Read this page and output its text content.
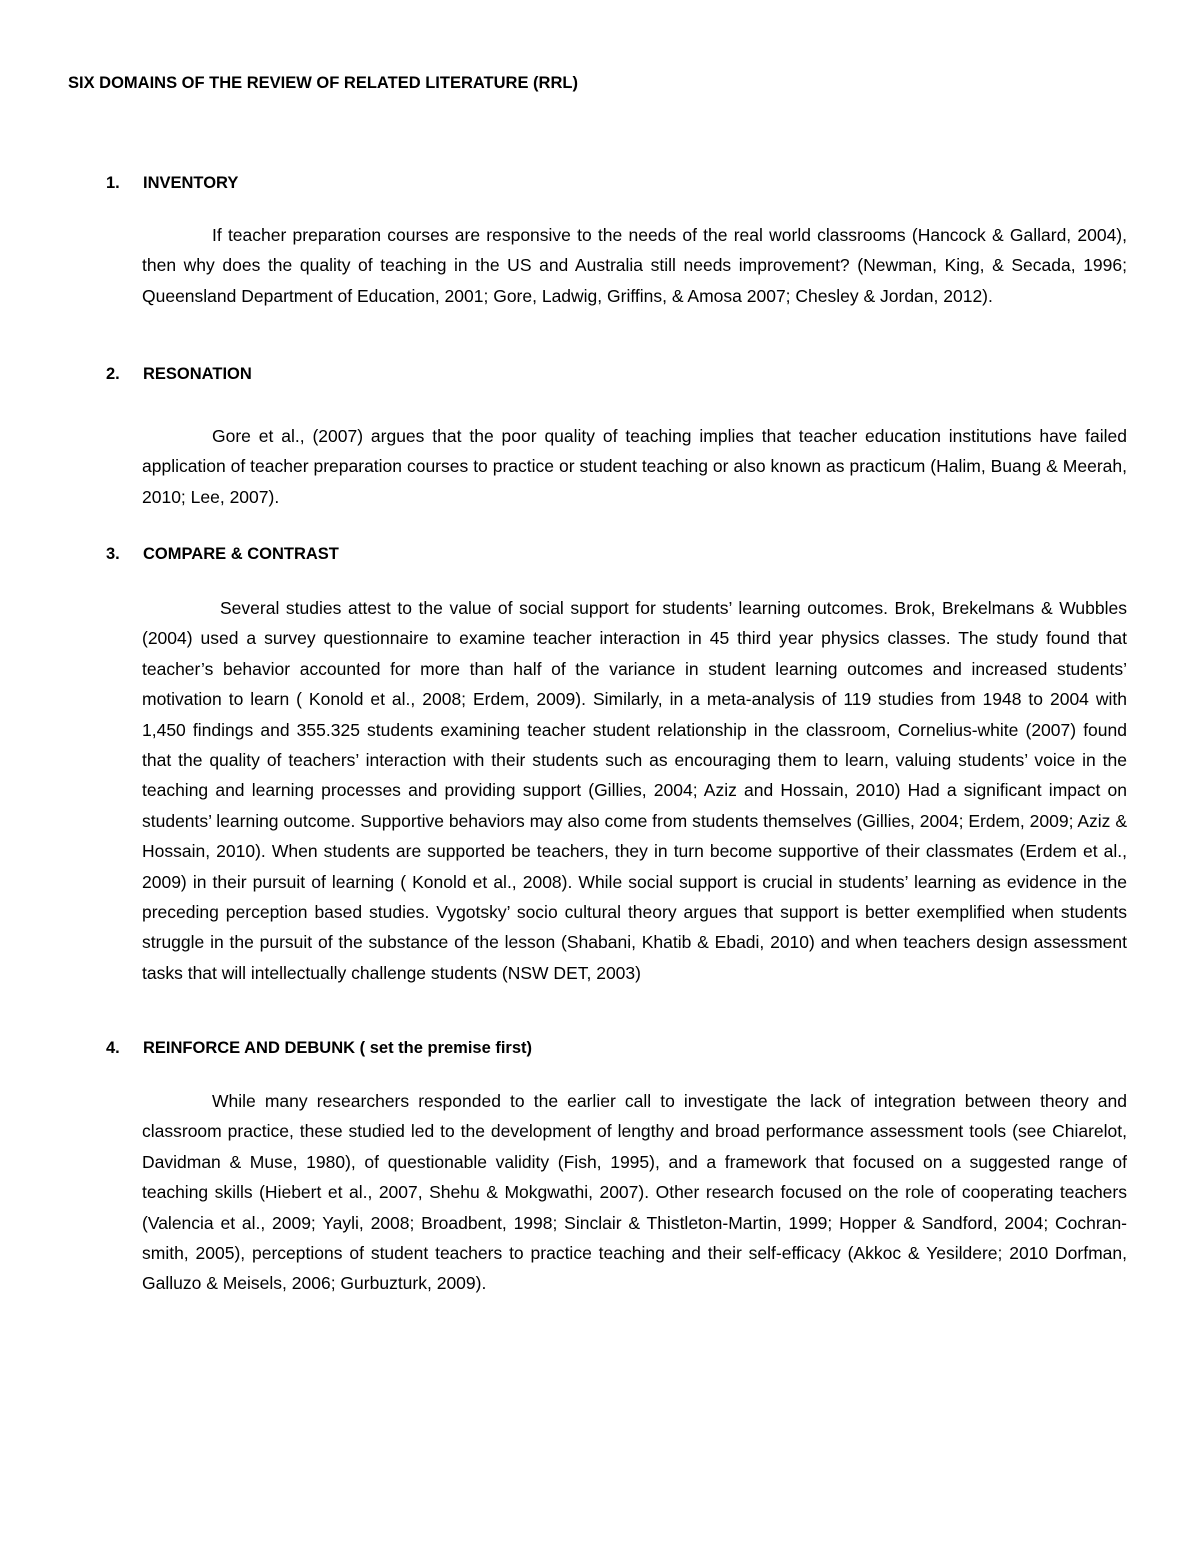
SIX DOMAINS OF THE REVIEW OF RELATED LITERATURE (RRL)
1. INVENTORY

If teacher preparation courses are responsive to the needs of the real world classrooms (Hancock & Gallard, 2004), then why does the quality of teaching in the US and Australia still needs improvement? (Newman, King, & Secada, 1996; Queensland Department of Education, 2001; Gore, Ladwig, Griffins, & Amosa 2007; Chesley & Jordan, 2012).

2. RESONATION

Gore et al., (2007) argues that the poor quality of teaching implies that teacher education institutions have failed application of teacher preparation courses to practice or student teaching or also known as practicum (Halim, Buang & Meerah, 2010; Lee, 2007).

3. COMPARE & CONTRAST

Several studies attest to the value of social support for students’ learning outcomes. Brok, Brekelmans & Wubbles (2004) used a survey questionnaire to examine teacher interaction in 45 third year physics classes. The study found that teacher’s behavior accounted for more than half of the variance in student learning outcomes and increased students’ motivation to learn ( Konold et al., 2008; Erdem, 2009). Similarly, in a meta-analysis of 119 studies from 1948 to 2004 with 1,450 findings and 355.325 students examining teacher student relationship in the classroom, Cornelius-white (2007) found that the quality of teachers’ interaction with their students such as encouraging them to learn, valuing students’ voice in the teaching and learning processes and providing support (Gillies, 2004; Aziz and Hossain, 2010) Had a significant impact on students’ learning outcome. Supportive behaviors may also come from students themselves (Gillies, 2004; Erdem, 2009; Aziz & Hossain, 2010). When students are supported be teachers, they in turn become supportive of their classmates (Erdem et al., 2009) in their pursuit of learning ( Konold et al., 2008). While social support is crucial in students’ learning as evidence in the preceding perception based studies. Vygotsky’ socio cultural theory argues that support is better exemplified when students struggle in the pursuit of the substance of the lesson (Shabani, Khatib & Ebadi, 2010) and when teachers design assessment tasks that will intellectually challenge students (NSW DET, 2003)

4. REINFORCE AND DEBUNK ( set the premise first)

While many researchers responded to the earlier call to investigate the lack of integration between theory and classroom practice, these studied led to the development of lengthy and broad performance assessment tools (see Chiarelot, Davidman & Muse, 1980), of questionable validity (Fish, 1995), and a framework that focused on a suggested range of teaching skills (Hiebert et al., 2007, Shehu & Mokgwathi, 2007). Other research focused on the role of cooperating teachers (Valencia et al., 2009; Yayli, 2008; Broadbent, 1998; Sinclair & Thistleton-Martin, 1999; Hopper & Sandford, 2004; Cochran-smith, 2005), perceptions of student teachers to practice teaching and their self-efficacy (Akkoc & Yesildere; 2010 Dorfman, Galluzo & Meisels, 2006; Gurbuzturk, 2009).
